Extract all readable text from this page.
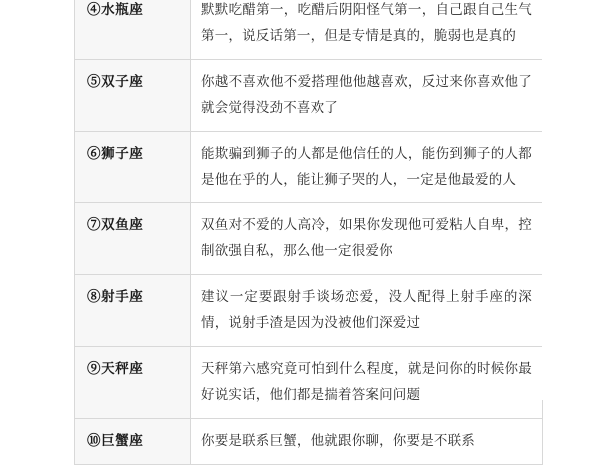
④水瓶座	默默吃醋第一，吃醋后阴阳怪气第一，自己跟自己生气第一，说反话第一，但是专情是真的，脆弱也是真的
⑤双子座	你越不喜欢他不爱搭理他他越喜欢，反过来你喜欢他了就会觉得没劲不喜欢了
⑥狮子座	能欺骗到狮子的人都是他信任的人，能伤到狮子的人都是他在乎的人，能让狮子哭的人，一定是他最爱的人
⑦双鱼座	双鱼对不爱的人高冷，如果你发现他可爱粘人自卑，控制欲强自私，那么他一定很爱你
⑧射手座	建议一定要跟射手谈场恋爱，没人配得上射手座的深情，说射手渣是因为没被他们深爱过
⑨天秤座	天秤第六感究竟可怕到什么程度，就是问你的时候你最好说实话，他们都是揣着答案问问题
⑩巨蟹座	你要是联系巨蟹，他就跟你聊，你要是不联系
